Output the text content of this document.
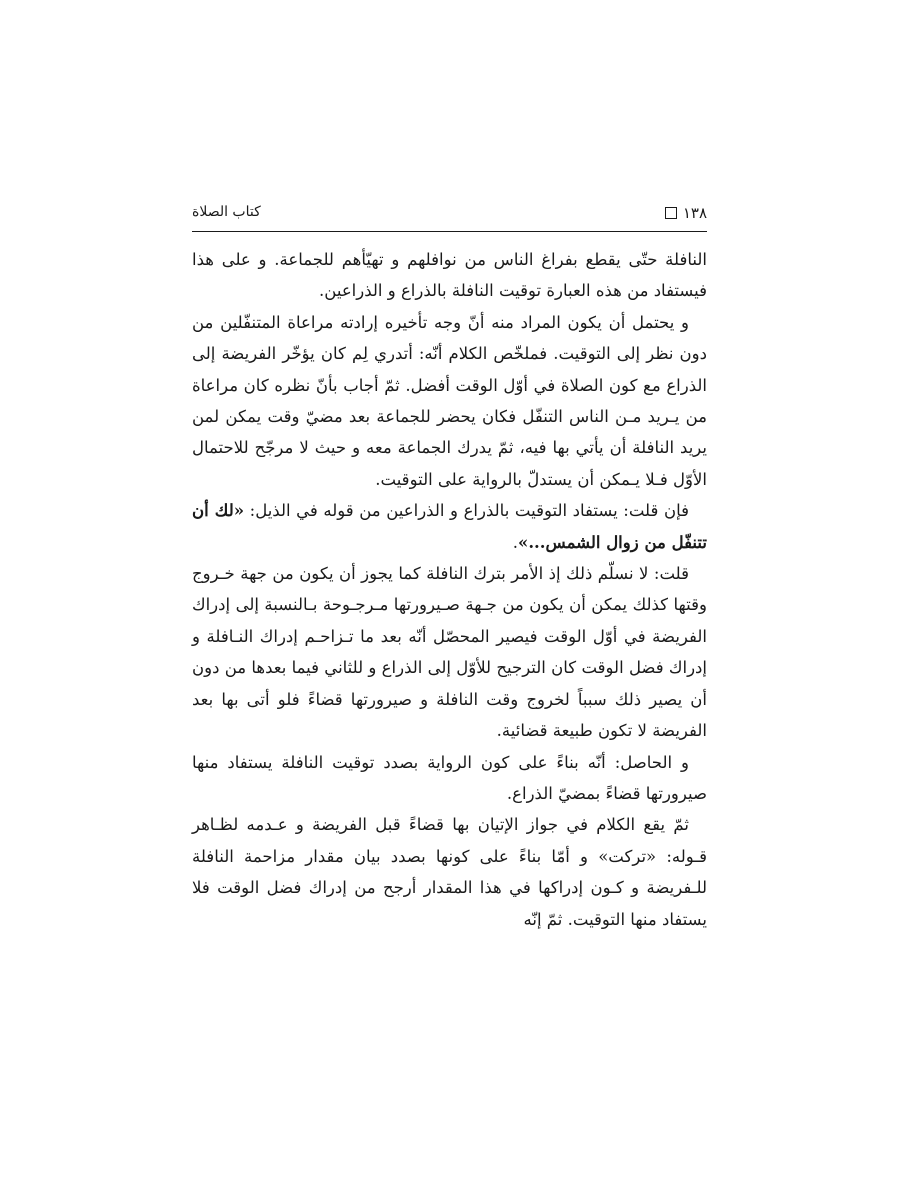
١٣٨
كتاب الصلاة

النافلة حتّى يقطع بفراغ الناس من نوافلهم و تهيّأهم للجماعة. و على هذا فيستفاد من هذه العبارة توقيت النافلة بالذراع و الذراعين.

و يحتمل أن يكون المراد منه أنّ وجه تأخيره إرادته مراعاة المتنفّلين من دون نظر إلى التوقيت. فملخّص الكلام أنّه: أتدري لِم كان يؤخّر الفريضة إلى الذراع مع كون الصلاة في أوّل الوقت أفضل. ثمّ أجاب بأنّ نظره كان مراعاة من يـريد مـن الناس التنفّل فكان يحضر للجماعة بعد مضيّ وقت يمكن لمن يريد النافلة أن يأتي بها فيه، ثمّ يدرك الجماعة معه و حيث لا مرجّح للاحتمال الأوّل فـلا يـمكن أن يستدلّ بالرواية على التوقيت.

فإن قلت: يستفاد التوقيت بالذراع و الذراعين من قوله في الذيل: «لك أن تتنفّل من زوال الشمس...».

قلت: لا نسلّم ذلك إذ الأمر بترك النافلة كما يجوز أن يكون من جهة خـروج وقتها كذلك يمكن أن يكون من جـهة صـيرورتها مـرجـوحة بـالنسبة إلى إدراك الفريضة في أوّل الوقت فيصير المحصّل أنّه بعد ما تـزاحـم إدراك النـافلة و إدراك فضل الوقت كان الترجيح للأوّل إلى الذراع و للثاني فيما بعدها من دون أن يصير ذلك سبباً لخروج وقت النافلة و صيرورتها قضاءً فلو أتى بها بعد الفريضة لا تكون طبيعة قضائية.

و الحاصل: أنّه بناءً على كون الرواية بصدد توقيت النافلة يستفاد منها صيرورتها قضاءً بمضيّ الذراع.

ثمّ يقع الكلام في جواز الإتيان بها قضاءً قبل الفريضة و عـدمه لظـاهر قـوله: «تركت» و أمّا بناءً على كونها بصدد بيان مقدار مزاحمة النافلة للـفريضة و كـون إدراكها في هذا المقدار أرجح من إدراك فضل الوقت فلا يستفاد منها التوقيت. ثمّ إنّه
